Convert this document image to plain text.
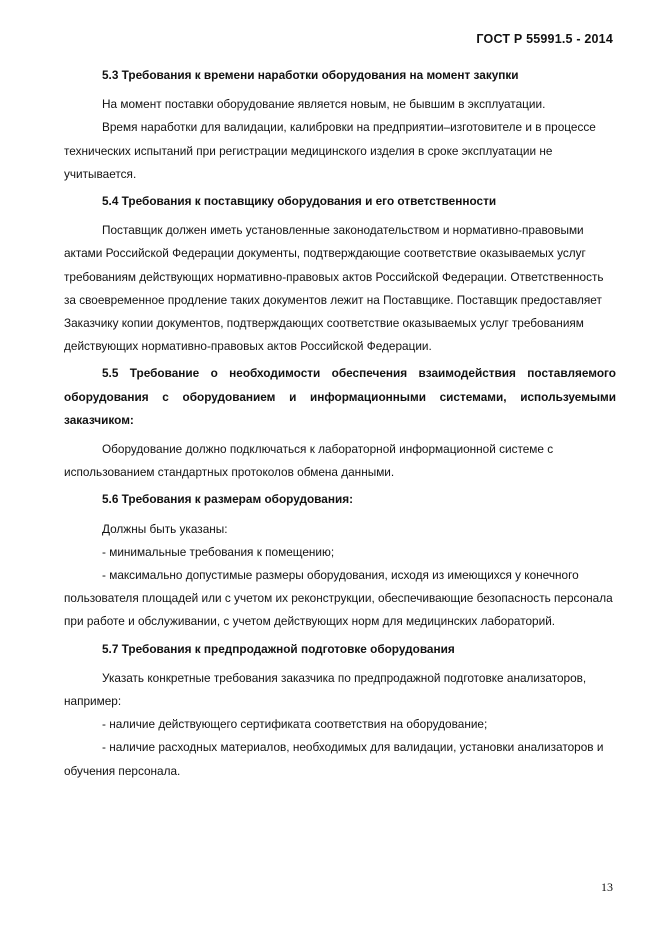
ГОСТ Р 55991.5 - 2014

5.3 Требования к времени наработки оборудования на момент закупки

На момент поставки оборудование является новым, не бывшим в эксплуатации.

Время наработки для валидации, калибровки на предприятии–изготовителе и в процессе технических испытаний при регистрации медицинского изделия в сроке эксплуатации не учитывается.

5.4 Требования к поставщику оборудования и его ответственности

Поставщик должен иметь установленные законодательством и нормативно-правовыми актами Российской Федерации документы, подтверждающие соответствие оказываемых услуг требованиям действующих нормативно-правовых актов Российской Федерации. Ответственность за своевременное продление таких документов лежит на Поставщике. Поставщик предоставляет Заказчику копии документов, подтверждающих соответствие оказываемых услуг требованиям действующих нормативно-правовых актов Российской Федерации.

5.5 Требование о необходимости обеспечения взаимодействия поставляемого оборудования с оборудованием и информационными системами, используемыми заказчиком:

Оборудование должно подключаться к лабораторной информационной системе с использованием стандартных протоколов обмена данными.

5.6 Требования к размерам оборудования:

Должны быть указаны:

- минимальные требования к помещению;

- максимально допустимые размеры оборудования, исходя из имеющихся у конечного пользователя площадей или с учетом их реконструкции, обеспечивающие безопасность персонала при работе и обслуживании, с учетом действующих норм для медицинских лабораторий.

5.7 Требования к предпродажной подготовке оборудования

Указать конкретные требования заказчика по предпродажной подготовке анализаторов, например:

- наличие действующего сертификата соответствия на оборудование;

- наличие расходных материалов, необходимых для валидации, установки анализаторов и обучения персонала.

13
